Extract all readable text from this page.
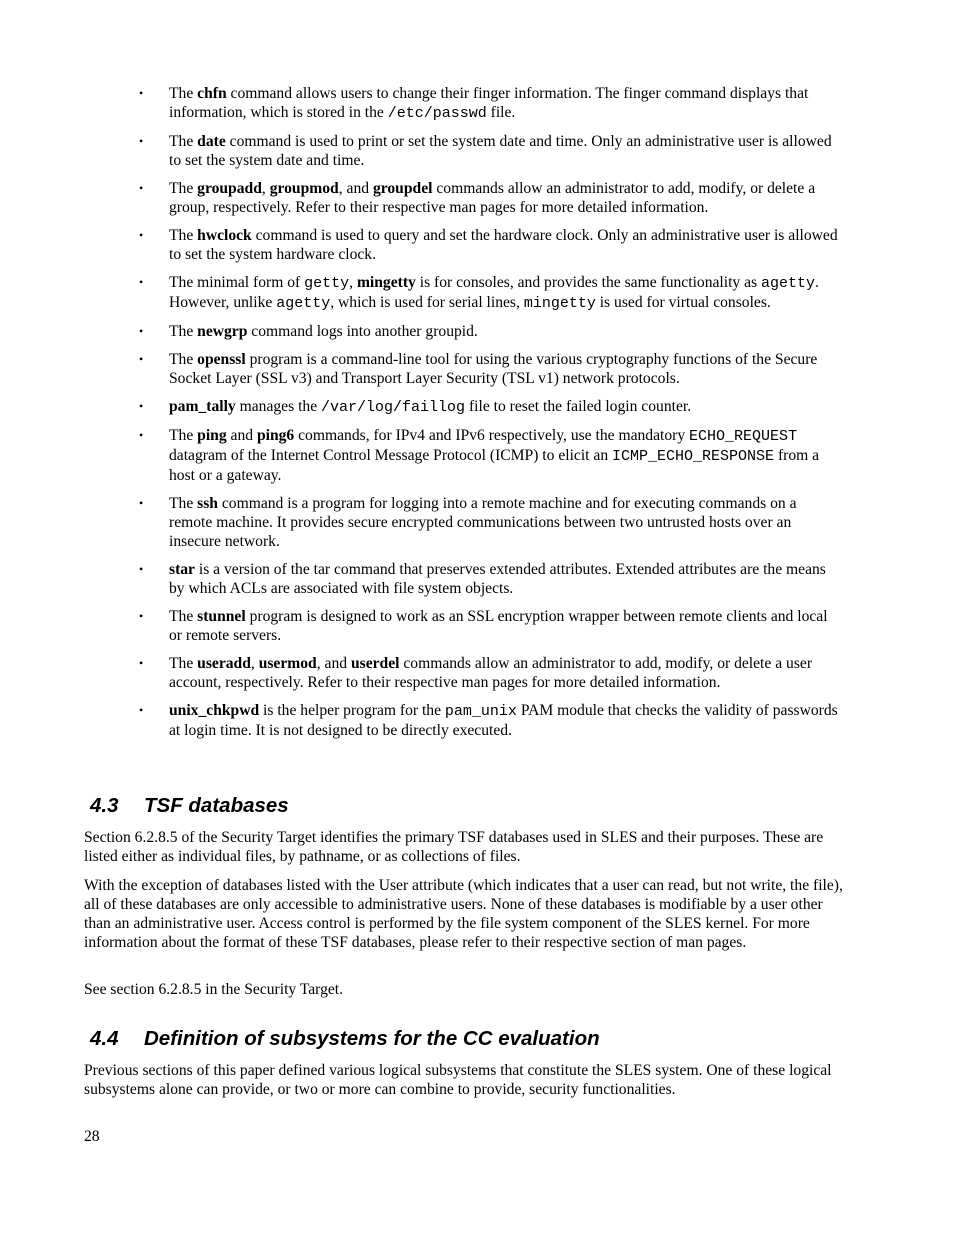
• The chfn command allows users to change their finger information. The finger command displays that information, which is stored in the /etc/passwd file.
• The date command is used to print or set the system date and time. Only an administrative user is allowed to set the system date and time.
• The groupadd, groupmod, and groupdel commands allow an administrator to add, modify, or delete a group, respectively. Refer to their respective man pages for more detailed information.
• The hwclock command is used to query and set the hardware clock. Only an administrative user is allowed to set the system hardware clock.
• The minimal form of getty, mingetty is for consoles, and provides the same functionality as agetty. However, unlike agetty, which is used for serial lines, mingetty is used for virtual consoles.
• The newgrp command logs into another groupid.
• The openssl program is a command-line tool for using the various cryptography functions of the Secure Socket Layer (SSL v3) and Transport Layer Security (TSL v1) network protocols.
• pam_tally manages the /var/log/faillog file to reset the failed login counter.
• The ping and ping6 commands, for IPv4 and IPv6 respectively, use the mandatory ECHO_REQUEST datagram of the Internet Control Message Protocol (ICMP) to elicit an ICMP_ECHO_RESPONSE from a host or a gateway.
• The ssh command is a program for logging into a remote machine and for executing commands on a remote machine. It provides secure encrypted communications between two untrusted hosts over an insecure network.
• star is a version of the tar command that preserves extended attributes. Extended attributes are the means by which ACLs are associated with file system objects.
• The stunnel program is designed to work as an SSL encryption wrapper between remote clients and local or remote servers.
• The useradd, usermod, and userdel commands allow an administrator to add, modify, or delete a user account, respectively. Refer to their respective man pages for more detailed information.
• unix_chkpwd is the helper program for the pam_unix PAM module that checks the validity of passwords at login time. It is not designed to be directly executed.
4.3 TSF databases

Section 6.2.8.5 of the Security Target identifies the primary TSF databases used in SLES and their purposes. These are listed either as individual files, by pathname, or as collections of files.

With the exception of databases listed with the User attribute (which indicates that a user can read, but not write, the file), all of these databases are only accessible to administrative users. None of these databases is modifiable by a user other than an administrative user. Access control is performed by the file system component of the SLES kernel. For more information about the format of these TSF databases, please refer to their respective section of man pages.

See section 6.2.8.5 in the Security Target.

4.4 Definition of subsystems for the CC evaluation

Previous sections of this paper defined various logical subsystems that constitute the SLES system. One of these logical subsystems alone can provide, or two or more can combine to provide, security functionalities.

28
